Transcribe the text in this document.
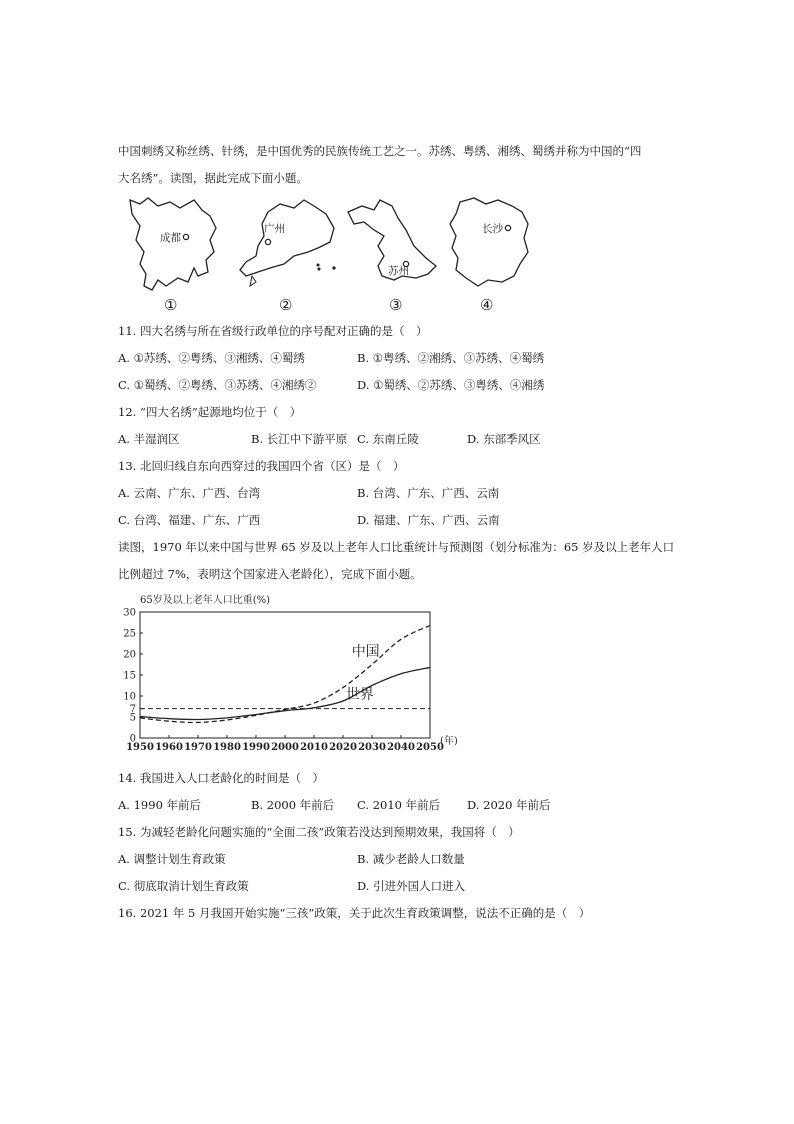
中国刺绣又称丝绣、针绣，是中国优秀的民族传统工艺之一。苏绣、粤绣、湘绣、蜀绣并称为中国的“四
大名绣”。读图，据此完成下面小题。
成都
①
广州
②
苏州
③
长沙
④
11. 四大名绣与所在省级行政单位的序号配对正确的是（　）
A. ①苏绣、②粤绣、③湘绣、④蜀绣	B. ①粤绣、②湘绣、③苏绣、④蜀绣
C. ①蜀绣、②粤绣、③苏绣、④湘绣②	D. ①蜀绣、②苏绣、③粤绣、④湘绣
12. “四大名绣”起源地均位于（　）
A. 半湿润区	B. 长江中下游平原 C. 东南丘陵	D. 东部季风区
13. 北回归线自东向西穿过的我国四个省（区）是（　）
A. 云南、广东、广西、台湾	B. 台湾、广东、广西、云南
C. 台湾、福建、广东、广西	D. 福建、广东、广西、云南
读图，1970 年以来中国与世界 65 岁及以上老年人口比重统计与预测图（划分标准为：65 岁及以上老年人口
比例超过 7%，表明这个国家进入老龄化），完成下面小题。
65岁及以上老年人口比重(%)
0
5
7
10
15
20
25
30
1950 1960 1970 1980 1990 2000 2010 2020 2030 2040 2050
中国
世界
(年)
14. 我国进入人口老龄化的时间是（　）
A. 1990 年前后	B. 2000 年前后 C. 2010 年前后 D. 2020 年前后
15. 为减轻老龄化问题实施的“全面二孩”政策若没达到预期效果，我国将（　）
A. 调整计划生育政策	B. 减少老龄人口数量
C. 彻底取消计划生育政策	D. 引进外国人口进入
16. 2021 年 5 月我国开始实施“三孩”政策，关于此次生育政策调整，说法不正确的是（　）
